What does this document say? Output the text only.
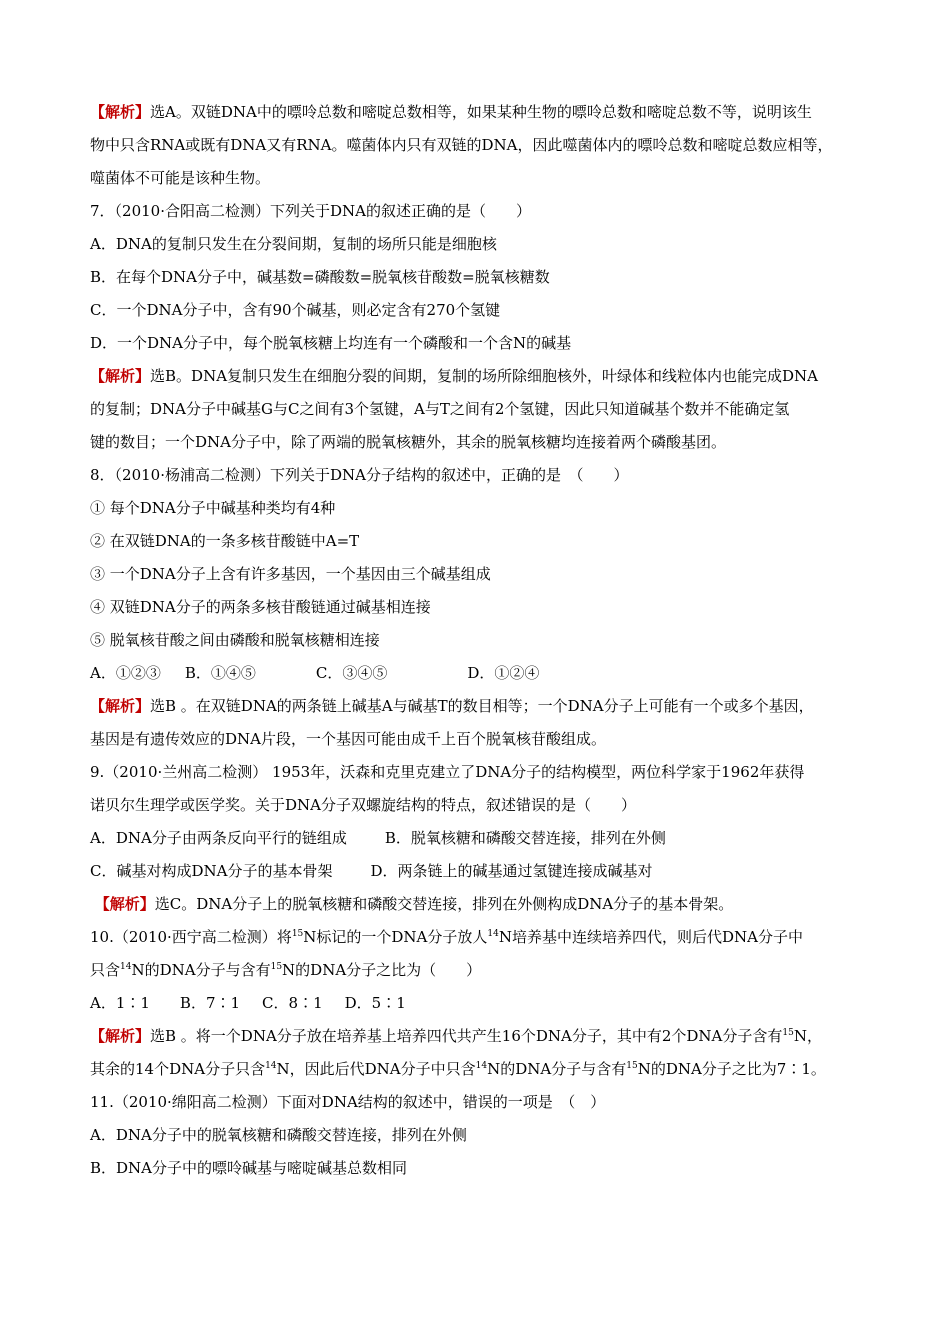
【解析】选A。双链DNA中的嘌呤总数和嘧啶总数相等，如果某种生物的嘌呤总数和嘧啶总数不等，说明该生
物中只含RNA或既有DNA又有RNA。噬菌体内只有双链的DNA，因此噬菌体内的嘌呤总数和嘧啶总数应相等，
噬菌体不可能是该种生物。
7．（2010·合阳高二检测）下列关于DNA的叙述正确的是（　　）
A．DNA的复制只发生在分裂间期，复制的场所只能是细胞核
B．在每个DNA分子中，碱基数=磷酸数=脱氧核苷酸数=脱氧核糖数
C．一个DNA分子中，含有90个碱基，则必定含有270个氢键
D．一个DNA分子中，每个脱氧核糖上均连有一个磷酸和一个含N的碱基
【解析】选B。DNA复制只发生在细胞分裂的间期，复制的场所除细胞核外，叶绿体和线粒体内也能完成DNA
的复制；DNA分子中碱基G与C之间有3个氢键，A与T之间有2个氢键，因此只知道碱基个数并不能确定氢
键的数目；一个DNA分子中，除了两端的脱氧核糖外，其余的脱氧核糖均连接着两个磷酸基团。
8．（2010·杨浦高二检测）下列关于DNA分子结构的叙述中，正确的是　（　　）
① 每个DNA分子中碱基种类均有4种
② 在双链DNA的一条多核苷酸链中A=T
③ 一个DNA分子上含有许多基因，一个基因由三个碱基组成
④ 双链DNA分子的两条多核苷酸链通过碱基相连接
⑤ 脱氧核苷酸之间由磷酸和脱氧核糖相连接
A．①②③ B．①④⑤	C．③④⑤	D．①②④
【解析】选B 。在双链DNA的两条链上碱基A与碱基T的数目相等；一个DNA分子上可能有一个或多个基因，
基因是有遗传效应的DNA片段，一个基因可能由成千上百个脱氧核苷酸组成。
9.（2010·兰州高二检测） 1953年，沃森和克里克建立了DNA分子的结构模型，两位科学家于1962年获得
诺贝尔生理学或医学奖。关于DNA分子双螺旋结构的特点，叙述错误的是（　　）
A．DNA分子由两条反向平行的链组成	B．脱氧核糖和磷酸交替连接，排列在外侧
C．碱基对构成DNA分子的基本骨架	D．两条链上的碱基通过氢键连接成碱基对
【解析】选C。DNA分子上的脱氧核糖和磷酸交替连接，排列在外侧构成DNA分子的基本骨架。
10.（2010·西宁高二检测）将$^{15}$N标记的一个DNA分子放人$^{14}$N培养基中连续培养四代，则后代DNA分子中
只含$^{14}$N的DNA分子与含有$^{15}$N的DNA分子之比为（　　）
A．1∶1 B．7∶1 C．8∶1 D．5∶1
【解析】选B 。将一个DNA分子放在培养基上培养四代共产生16个DNA分子，其中有2个DNA分子含有$^{15}$N，
其余的14个DNA分子只含$^{14}$N，因此后代DNA分子中只含$^{14}$N的DNA分子与含有$^{15}$N的DNA分子之比为7∶1。
11.（2010·绵阳高二检测）下面对DNA结构的叙述中，错误的一项是　（　）
A．DNA分子中的脱氧核糖和磷酸交替连接，排列在外侧
B．DNA分子中的嘌呤碱基与嘧啶碱基总数相同
